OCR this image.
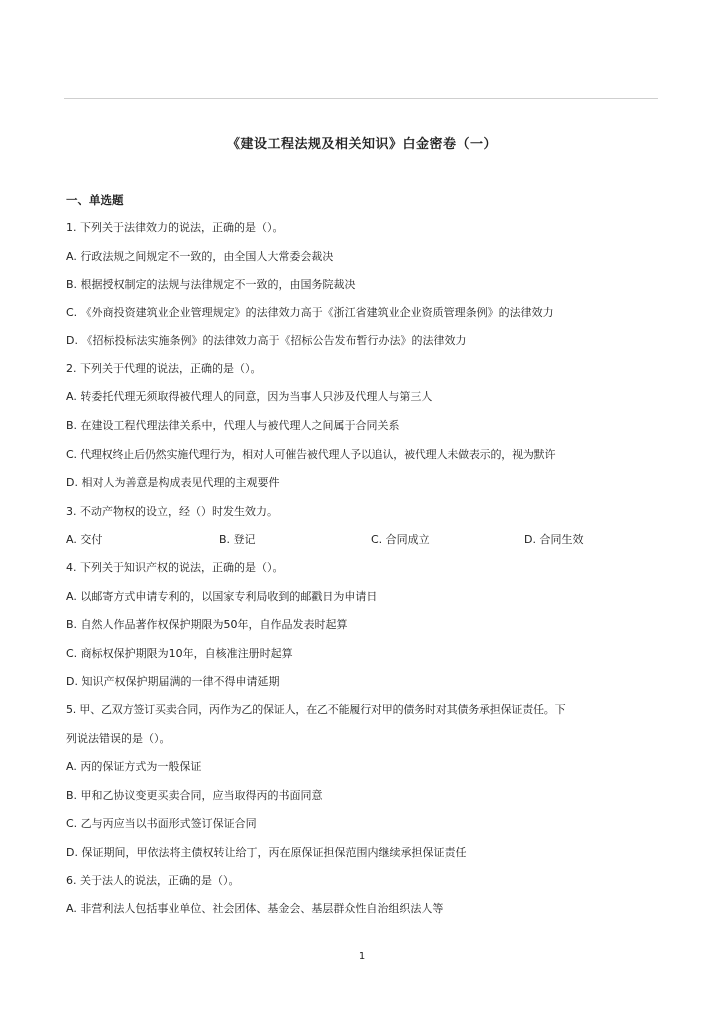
《建设工程法规及相关知识》白金密卷（一）
一、单选题
1. 下列关于法律效力的说法，正确的是（）。
A. 行政法规之间规定不一致的，由全国人大常委会裁决
B. 根据授权制定的法规与法律规定不一致的，由国务院裁决
C. 《外商投资建筑业企业管理规定》的法律效力高于《浙江省建筑业企业资质管理条例》的法律效力
D. 《招标投标法实施条例》的法律效力高于《招标公告发布暂行办法》的法律效力
2. 下列关于代理的说法，正确的是（）。
A. 转委托代理无须取得被代理人的同意，因为当事人只涉及代理人与第三人
B. 在建设工程代理法律关系中，代理人与被代理人之间属于合同关系
C. 代理权终止后仍然实施代理行为，相对人可催告被代理人予以追认，被代理人未做表示的，视为默许
D. 相对人为善意是构成表见代理的主观要件
3. 不动产物权的设立，经（）时发生效力。
A. 交付	B. 登记	C. 合同成立	D. 合同生效
4. 下列关于知识产权的说法，正确的是（）。
A. 以邮寄方式申请专利的，以国家专利局收到的邮戳日为申请日
B. 自然人作品著作权保护期限为50年，自作品发表时起算
C. 商标权保护期限为10年，自核准注册时起算
D. 知识产权保护期届满的一律不得申请延期
5. 甲、乙双方签订买卖合同，丙作为乙的保证人，在乙不能履行对甲的债务时对其债务承担保证责任。下
列说法错误的是（）。
A. 丙的保证方式为一般保证
B. 甲和乙协议变更买卖合同，应当取得丙的书面同意
C. 乙与丙应当以书面形式签订保证合同
D. 保证期间，甲依法将主债权转让给丁，丙在原保证担保范围内继续承担保证责任
6. 关于法人的说法，正确的是（）。
A. 非营利法人包括事业单位、社会团体、基金会、基层群众性自治组织法人等
1
